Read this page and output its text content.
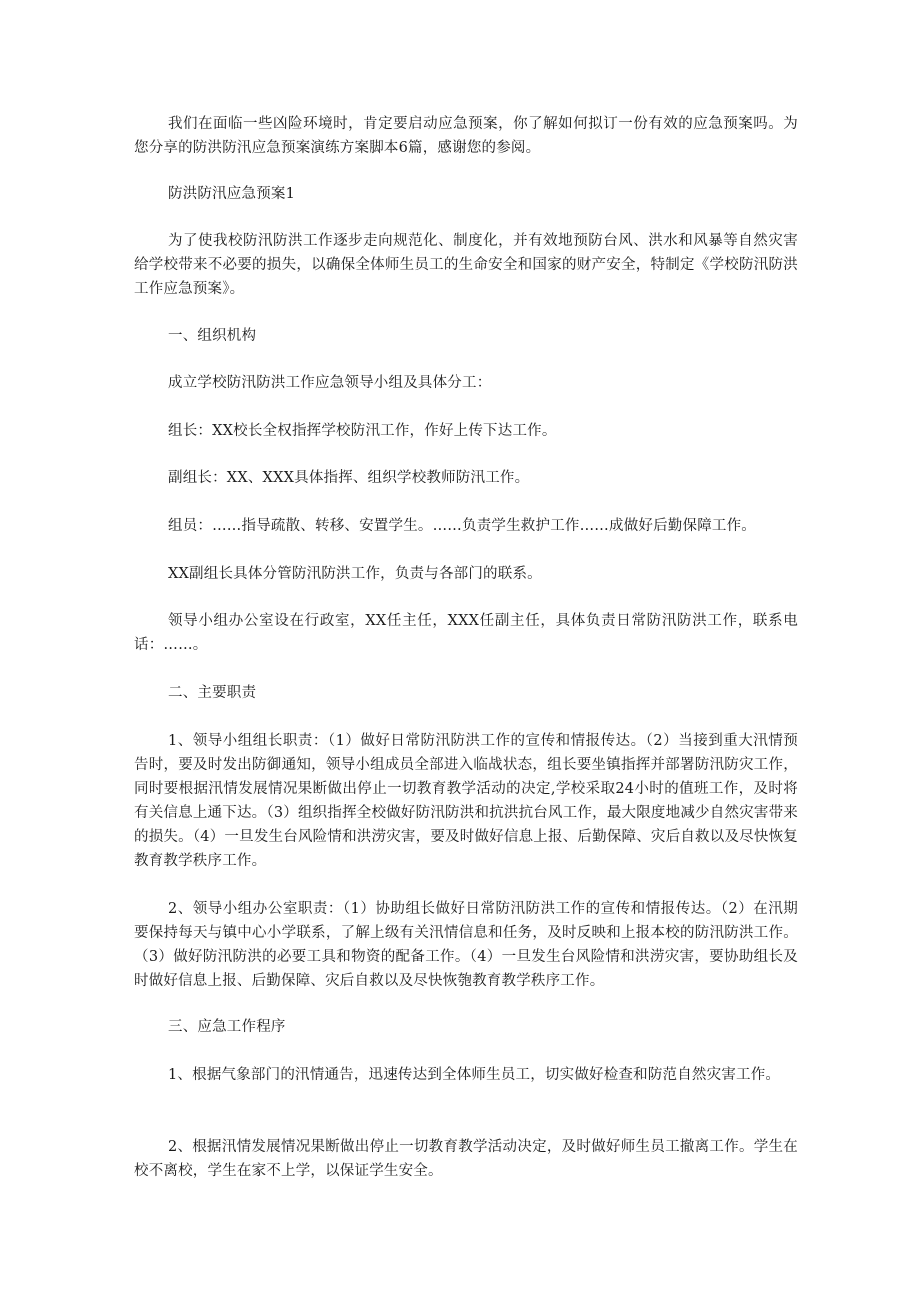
我们在面临一些凶险环境时，肯定要启动应急预案，你了解如何拟订一份有效的应急预案吗。为您分享的防洪防汛应急预案演练方案脚本6篇，感谢您的参阅。

防洪防汛应急预案1

为了使我校防汛防洪工作逐步走向规范化、制度化，并有效地预防台风、洪水和风暴等自然灾害给学校带来不必要的损失，以确保全体师生员工的生命安全和国家的财产安全，特制定《学校防汛防洪工作应急预案》。

一、组织机构

成立学校防汛防洪工作应急领导小组及具体分工：

组长：XX校长全权指挥学校防汛工作，作好上传下达工作。

副组长：XX、XXX具体指挥、组织学校教师防汛工作。

组员：……指导疏散、转移、安置学生。……负责学生救护工作……成做好后勤保障工作。

XX副组长具体分管防汛防洪工作，负责与各部门的联系。

领导小组办公室设在行政室，XX任主任，XXX任副主任，具体负责日常防汛防洪工作，联系电话：……。

二、主要职责

1、领导小组组长职责：（1）做好日常防汛防洪工作的宣传和情报传达。（2）当接到重大汛情预告时，要及时发出防御通知，领导小组成员全部进入临战状态，组长要坐镇指挥并部署防汛防灾工作，同时要根据汛情发展情况果断做出停止一切教育教学活动的决定,学校采取24小时的值班工作，及时将有关信息上通下达。（3）组织指挥全校做好防汛防洪和抗洪抗台风工作，最大限度地减少自然灾害带来的损失。（4）一旦发生台风险情和洪涝灾害，要及时做好信息上报、后勤保障、灾后自救以及尽快恢复教育教学秩序工作。

2、领导小组办公室职责：（1）协助组长做好日常防汛防洪工作的宣传和情报传达。（2）在汛期要保持每天与镇中心小学联系，了解上级有关汛情信息和任务，及时反映和上报本校的防汛防洪工作。（3）做好防汛防洪的必要工具和物资的配备工作。（4）一旦发生台风险情和洪涝灾害，要协助组长及时做好信息上报、后勤保障、灾后自救以及尽快恢匏教育教学秩序工作。

三、应急工作程序

1、根据气象部门的汛情通告，迅速传达到全体师生员工，切实做好检查和防范自然灾害工作。

2、根据汛情发展情况果断做出停止一切教育教学活动决定，及时做好师生员工撤离工作。学生在校不离校，学生在家不上学，以保证学生安全。
